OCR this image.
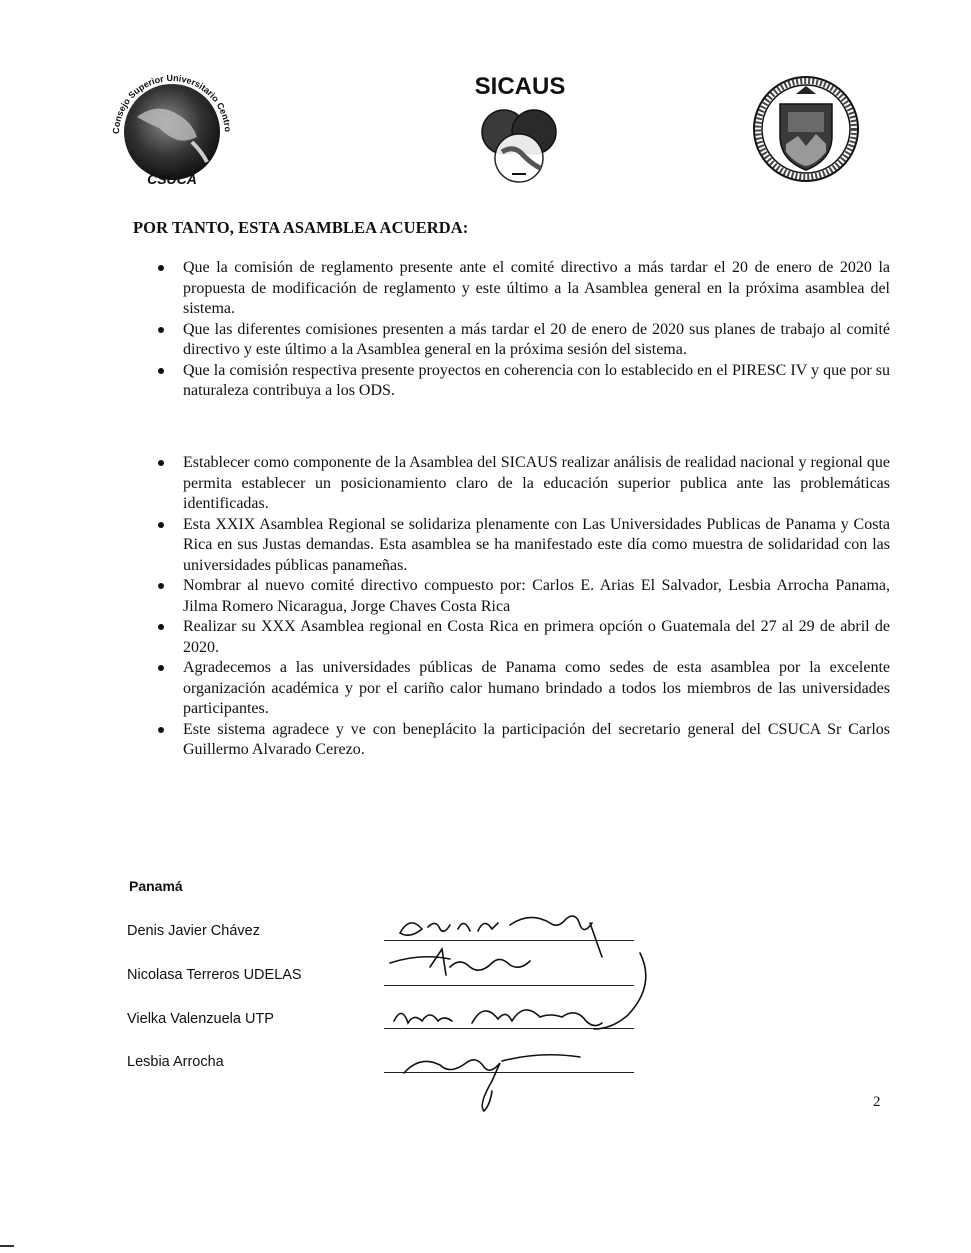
Consejo Superior Universitario Centro
CSUCA
SICAUS
POR TANTO, ESTA ASAMBLEA ACUERDA:
Que la comisión de reglamento presente ante el comité directivo a más tardar el 20 de enero de 2020 la propuesta de modificación de reglamento y este último a la Asamblea general en la próxima asamblea del sistema.
Que las diferentes comisiones presenten a más tardar el 20 de enero de 2020 sus planes de trabajo al comité directivo y este último a la Asamblea general en la próxima sesión del sistema.
Que la comisión respectiva presente proyectos en coherencia con lo establecido en el PIRESC IV y que por su naturaleza contribuya a los ODS.
Establecer como componente de la Asamblea del SICAUS realizar análisis de realidad nacional y regional que permita establecer un posicionamiento claro de la educación superior publica ante las problemáticas identificadas.
Esta XXIX Asamblea Regional se solidariza plenamente con Las Universidades Publicas de Panama y Costa Rica en sus Justas demandas. Esta asamblea se ha manifestado este día como muestra de solidaridad con las universidades públicas panameñas.
Nombrar al nuevo comité directivo compuesto por: Carlos E. Arias El Salvador, Lesbia Arrocha Panama, Jilma Romero Nicaragua, Jorge Chaves Costa Rica
Realizar su XXX Asamblea regional en Costa Rica en primera opción o Guatemala del 27 al 29 de abril de 2020.
Agradecemos a las universidades públicas de Panama como sedes de esta asamblea por la excelente organización académica y por el cariño calor humano brindado a todos los miembros de las universidades participantes.
Este sistema agradece y ve con beneplácito la participación del secretario general del CSUCA Sr Carlos Guillermo Alvarado Cerezo.
Panamá
Denis Javier Chávez
Nicolasa Terreros UDELAS
Vielka Valenzuela UTP
Lesbia Arrocha
2
